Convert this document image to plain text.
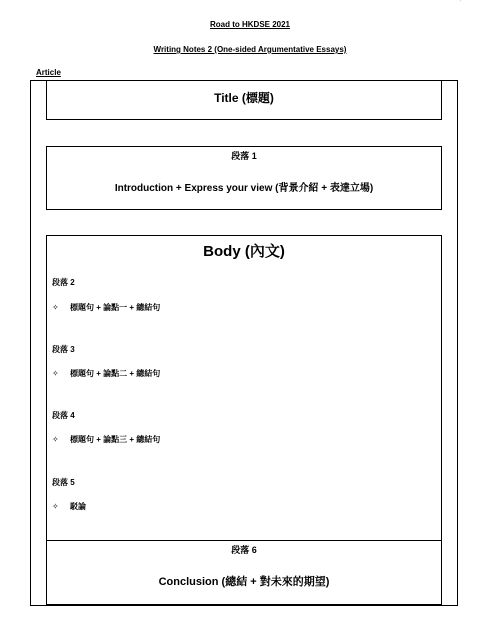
'
Road to HKDSE 2021
Writing Notes 2 (One-sided Argumentative Essays)
Article
Title (標題)
段落 1
Introduction + Express your view (背景介紹 + 表達立場)
Body (內文)
段落 2
✧ 標題句 + 論點一 + 總結句
段落 3
✧ 標題句 + 論點二 + 總結句
段落 4
✧ 標題句 + 論點三 + 總結句
段落 5
✧ 駁論
段落 6
Conclusion (總結 + 對未來的期望)
